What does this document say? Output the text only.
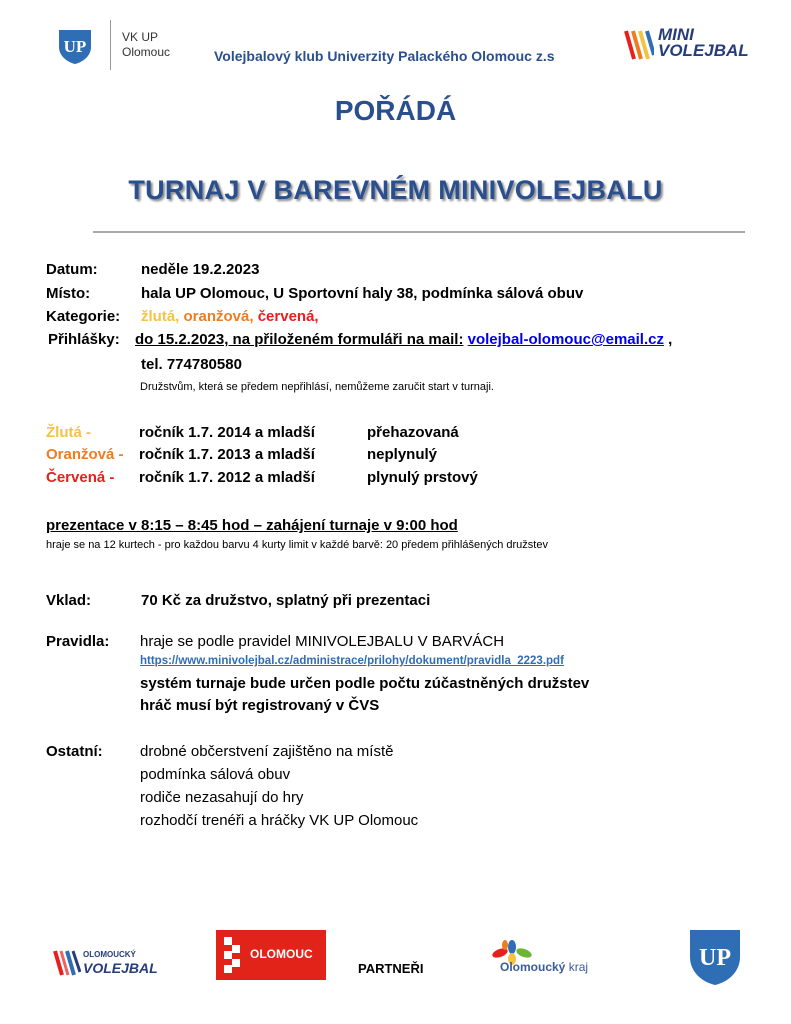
UP	VK UP
Olomouc	Volejbalový klub Univerzity Palackého Olomouc z.s
MINI
VOLEJBAL
POŘÁDÁ
TURNAJ V BAREVNÉM MINIVOLEJBALU
Datum:	neděle 19.2.2023
Místo:	hala UP Olomouc, U Sportovní haly 38, podmínka sálová obuv
Kategorie: žlutá, oranžová, červená,
Přihlášky: do 15.2.2023, na přiloženém formuláři na mail: volejbal-olomouc@email.cz ,
tel. 774780580
Družstvům, která se předem nepřihlásí, nemůžeme zaručit start v turnaji.
Žlutá -	ročník 1.7. 2014 a mladší	přehazovaná
Oranžová - ročník 1.7. 2013 a mladší	neplynulý
Červená - ročník 1.7. 2012 a mladší	plynulý prstový
prezentace v 8:15 – 8:45 hod – zahájení turnaje v 9:00 hod
hraje se na 12 kurtech - pro každou barvu 4 kurty limit v každé barvě: 20 předem přihlášených družstev
Vklad:	70 Kč za družstvo, splatný při prezentaci
Pravidla: hraje se podle pravidel MINIVOLEJBALU V BARVÁCH
https://www.minivolejbal.cz/administrace/prilohy/dokument/pravidla_2223.pdf
systém turnaje bude určen podle počtu zúčastněných družstev
hráč musí být registrovaný v ČVS
Ostatní: drobné občerstvení zajištěno na místě
podmínka sálová obuv
rodiče nezasahují do hry
rozhodčí trenéři a hráčky VK UP Olomouc
OLOMOUCKÝ
VOLEJBAL
OLOMOUC
PARTNEŘI	Olomoucký kraj	UP
